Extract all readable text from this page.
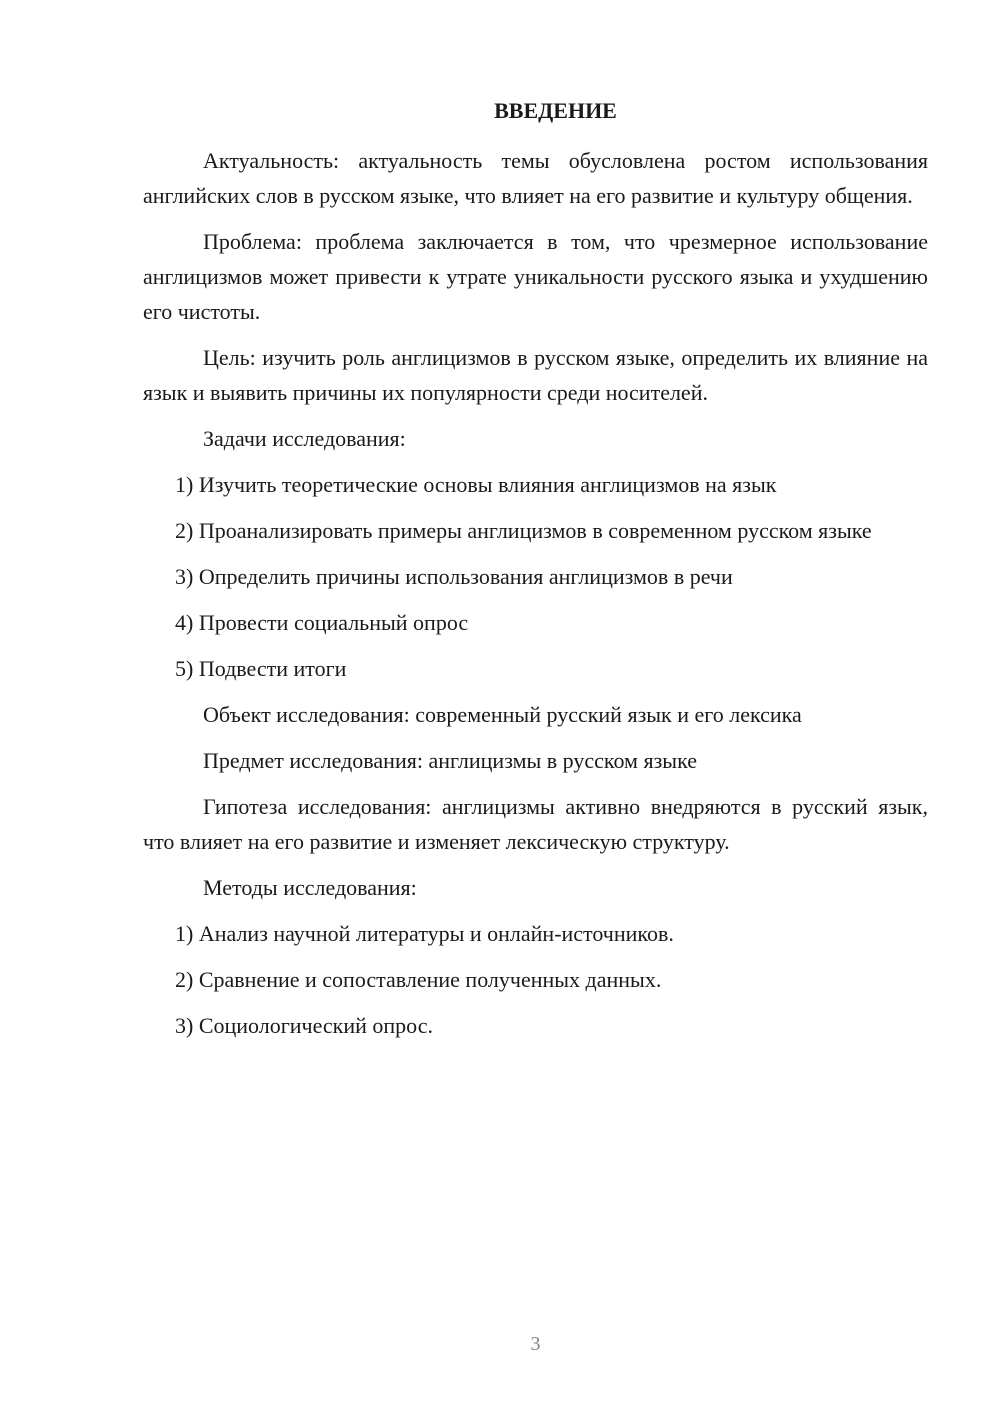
ВВЕДЕНИЕ

Актуальность: актуальность темы обусловлена ростом использования английских слов в русском языке, что влияет на его развитие и культуру общения.

Проблема: проблема заключается в том, что чрезмерное использование англицизмов может привести к утрате уникальности русского языка и ухудшению его чистоты.

Цель: изучить роль англицизмов в русском языке, определить их влияние на язык и выявить причины их популярности среди носителей.

Задачи исследования:

1) Изучить теоретические основы влияния англицизмов на язык

2) Проанализировать примеры англицизмов в современном русском языке

3) Определить причины использования англицизмов в речи

4) Провести социальный опрос

5) Подвести итоги

Объект исследования: современный русский язык и его лексика

Предмет исследования: англицизмы в русском языке

Гипотеза исследования: англицизмы активно внедряются в русский язык, что влияет на его развитие и изменяет лексическую структуру.

Методы исследования:

1) Анализ научной литературы и онлайн-источников.

2) Сравнение и сопоставление полученных данных.

3) Социологический опрос.

3
